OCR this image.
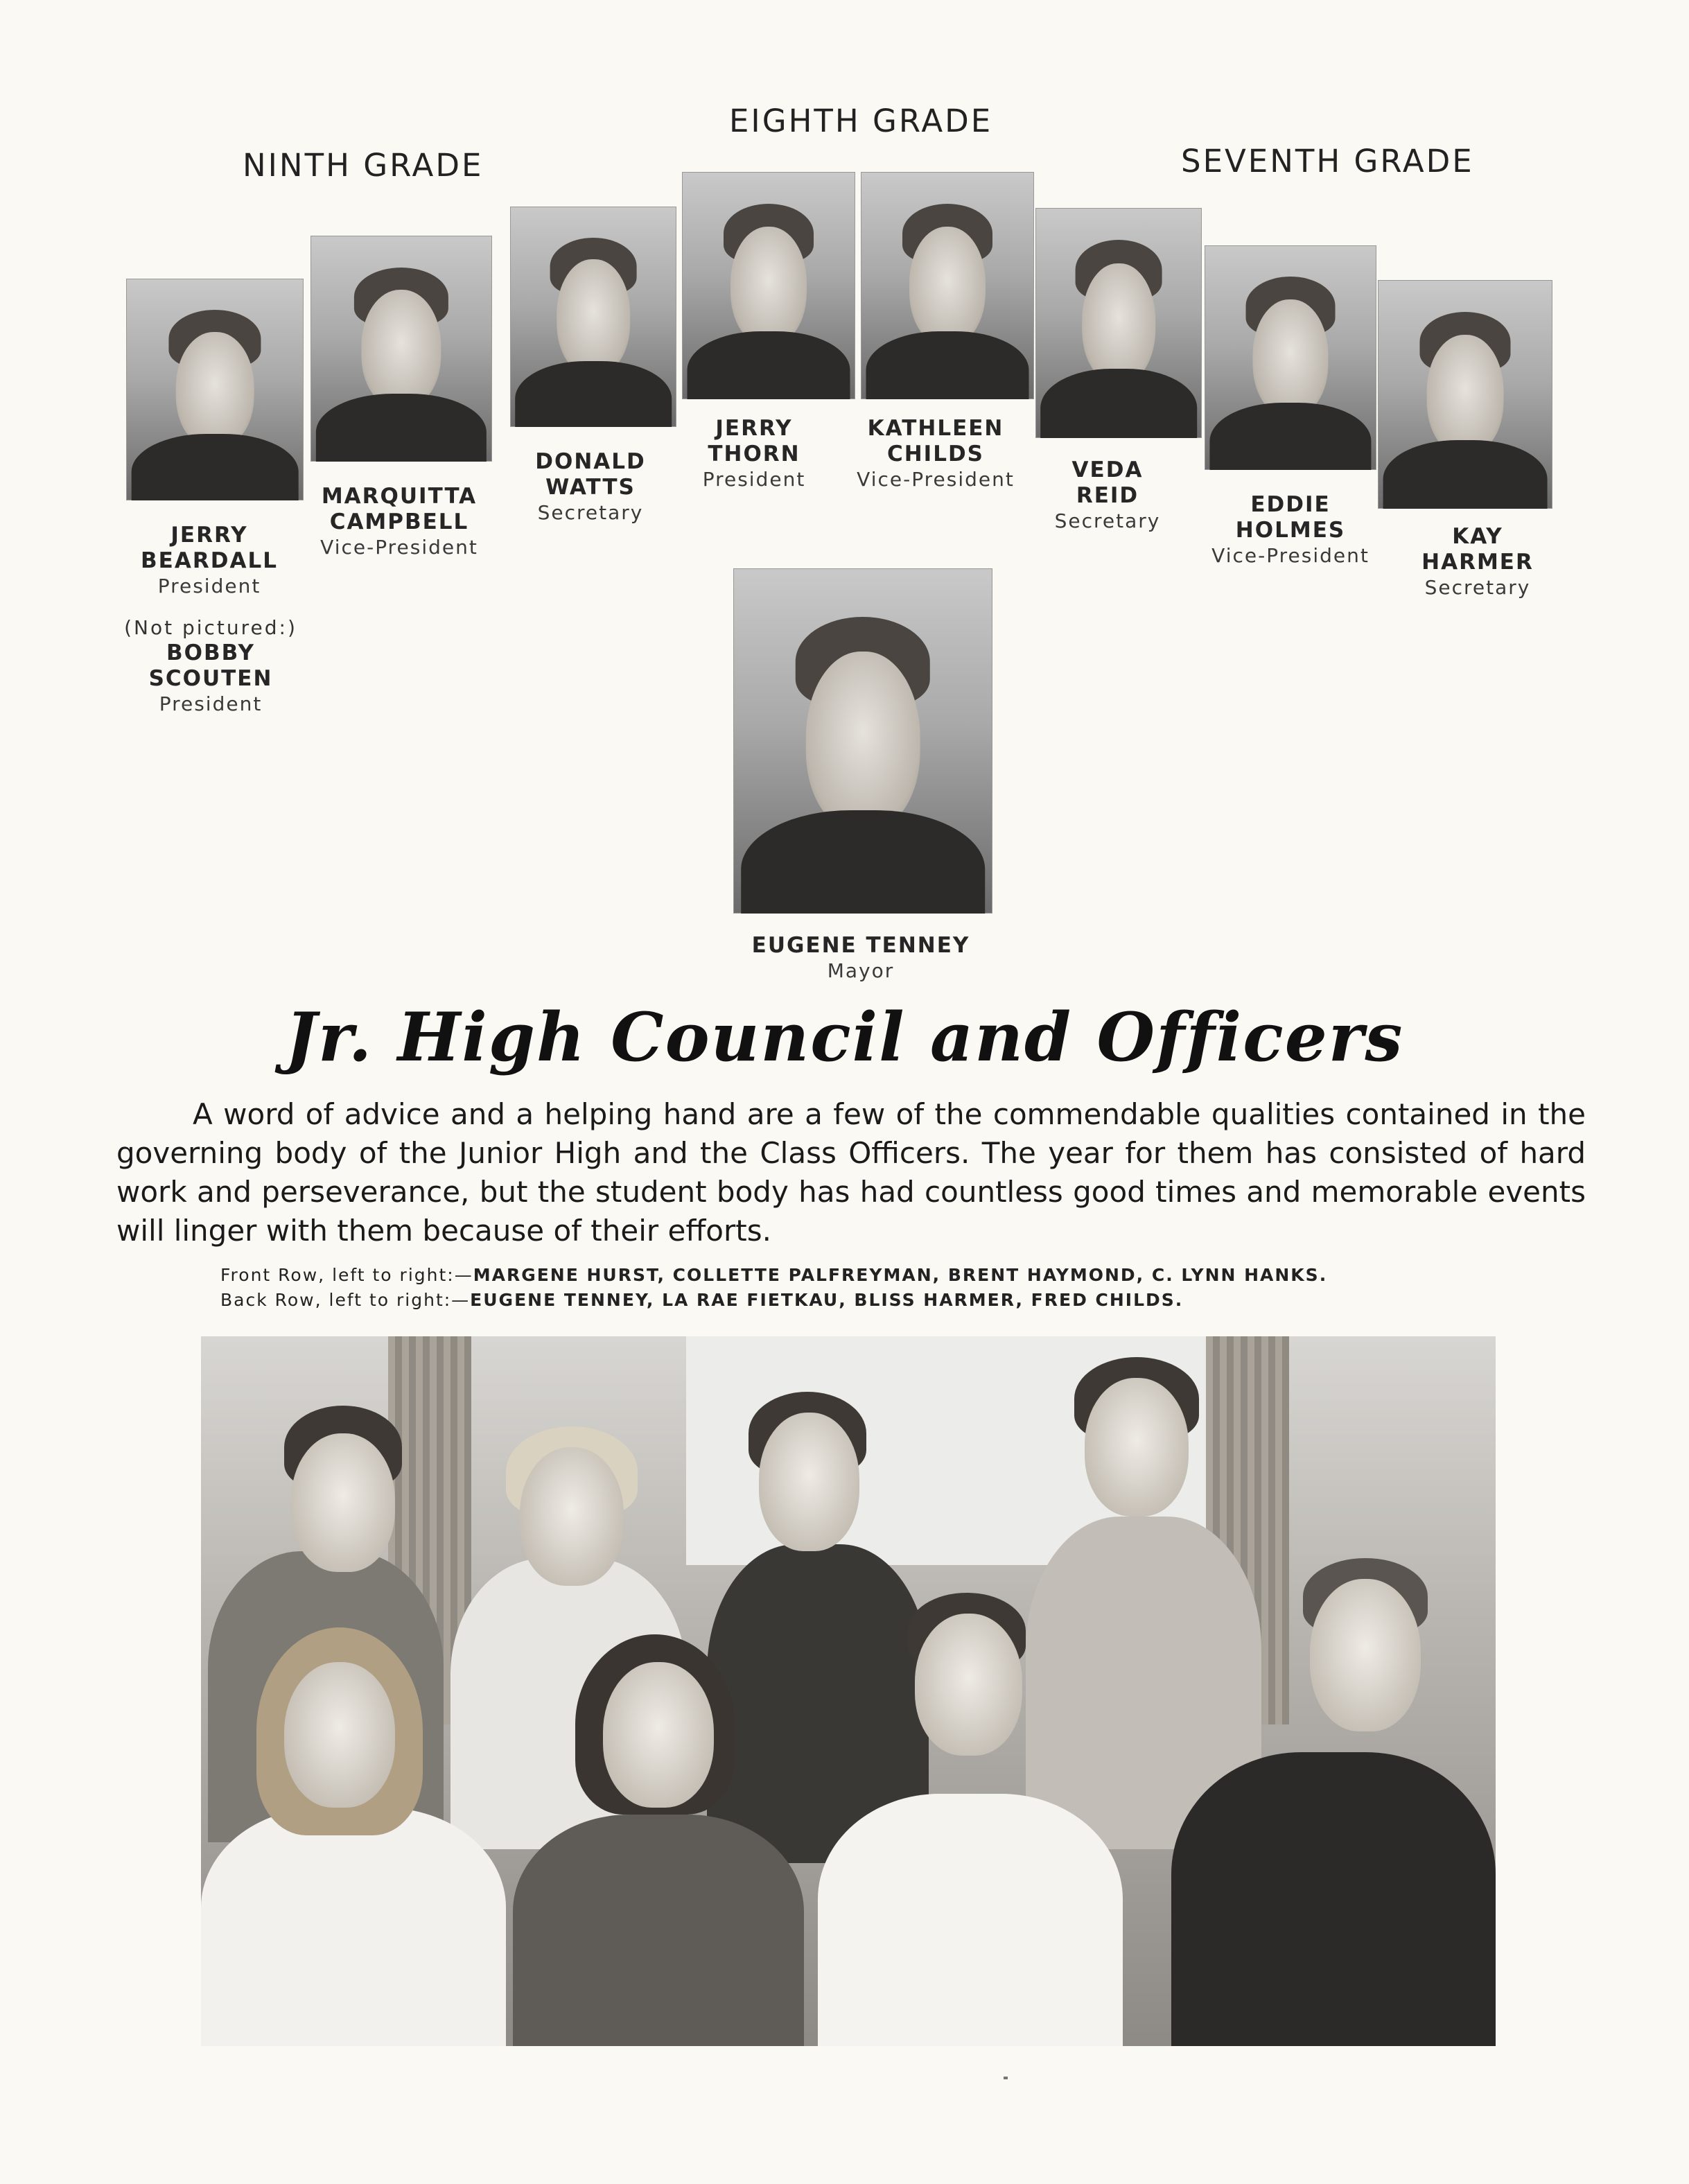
NINTH GRADE
EIGHTH GRADE
SEVENTH GRADE
JERRY
BEARDALL
President
MARQUITTA
CAMPBELL
Vice-President
DONALD
WATTS
Secretary
JERRY
THORN
President
KATHLEEN
CHILDS
Vice-President	VEDA
REID
Secretary
EDDIE
HOLMES
Vice-President
KAY
HARMER
Secretary
(Not pictured:)
BOBBY
SCOUTEN
President
EUGENE TENNEY
Mayor
Jr. High Council and Officers
A word of advice and a helping hand are a few of the commendable qualities contained in the governing body of the Junior High and the Class Officers. The year for them has consisted of hard work and perseverance, but the student body has had countless good times and memorable events will linger with them because of their efforts.
Front Row, left to right:—MARGENE HURST, COLLETTE PALFREYMAN, BRENT HAYMOND, C. LYNN HANKS.
Back Row, left to right:—EUGENE TENNEY, LA RAE FIETKAU, BLISS HARMER, FRED CHILDS.
